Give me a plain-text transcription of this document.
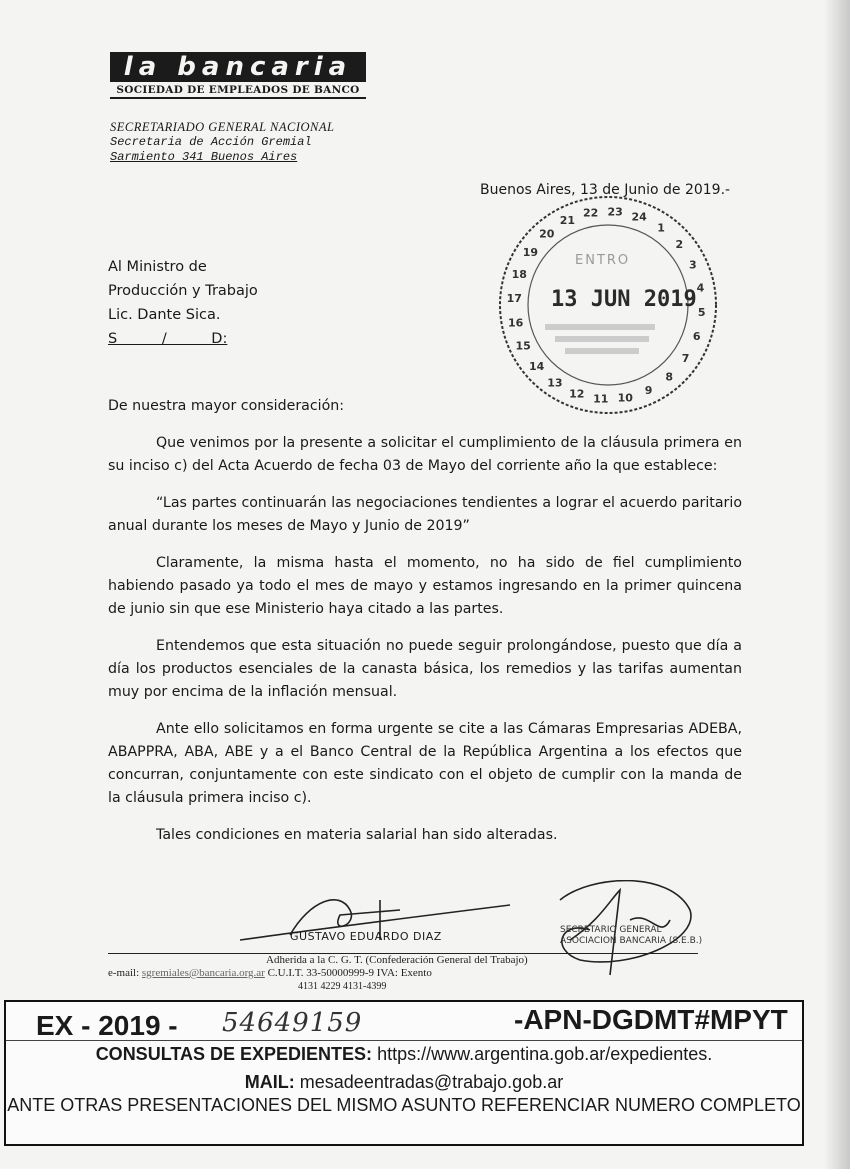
la bancaria
SOCIEDAD DE EMPLEADOS DE BANCO
SECRETARIADO GENERAL NACIONAL
Secretaria de Acción Gremial
Sarmiento 341 Buenos Aires
Buenos Aires, 13 de Junio de 2019.-
1
2
3
4
5
6
7
8
9
10
11
12
13
14
15
16
17
18
19
20
21
22 23 24
ENTRO
13 JUN 2019
Al Ministro de
Producción y Trabajo
Lic. Dante Sica.
S / D:

De nuestra mayor consideración:

Que venimos por la presente a solicitar el cumplimiento de la cláusula primera en su inciso c) del Acta Acuerdo de fecha 03 de Mayo del corriente año la que establece:

“Las partes continuarán las negociaciones tendientes a lograr el acuerdo paritario anual durante los meses de Mayo y Junio de 2019”

Claramente, la misma hasta el momento, no ha sido de fiel cumplimiento habiendo pasado ya todo el mes de mayo y estamos ingresando en la primer quincena de junio sin que ese Ministerio haya citado a las partes.

Entendemos que esta situación no puede seguir prolongándose, puesto que día a día los productos esenciales de la canasta básica, los remedios y las tarifas aumentan muy por encima de la inflación mensual.

Ante ello solicitamos en forma urgente se cite a las Cámaras Empresarias ADEBA, ABAPPRA, ABA, ABE y a el Banco Central de la República Argentina a los efectos que concurran, conjuntamente con este sindicato con el objeto de cumplir con la manda de la cláusula primera inciso c).

Tales condiciones en materia salarial han sido alteradas.

GUSTAVO EDUARDO DIAZ	SECRETARIO GENERAL
ASOCIACION BANCARIA (S.E.B.)
Adherida a la C. G. T. (Confederación General del Trabajo)
e-mail: sgremiales@bancaria.org.ar C.U.I.T. 33-50000999-9 IVA: Exento
4131 4229 4131-4399
EX - 2019 - 54649159	-APN-DGDMT#MPYT
CONSULTAS DE EXPEDIENTES: https://www.argentina.gob.ar/expedientes.
MAIL: mesadeentradas@trabajo.gob.ar
ANTE OTRAS PRESENTACIONES DEL MISMO ASUNTO REFERENCIAR NUMERO COMPLETO
